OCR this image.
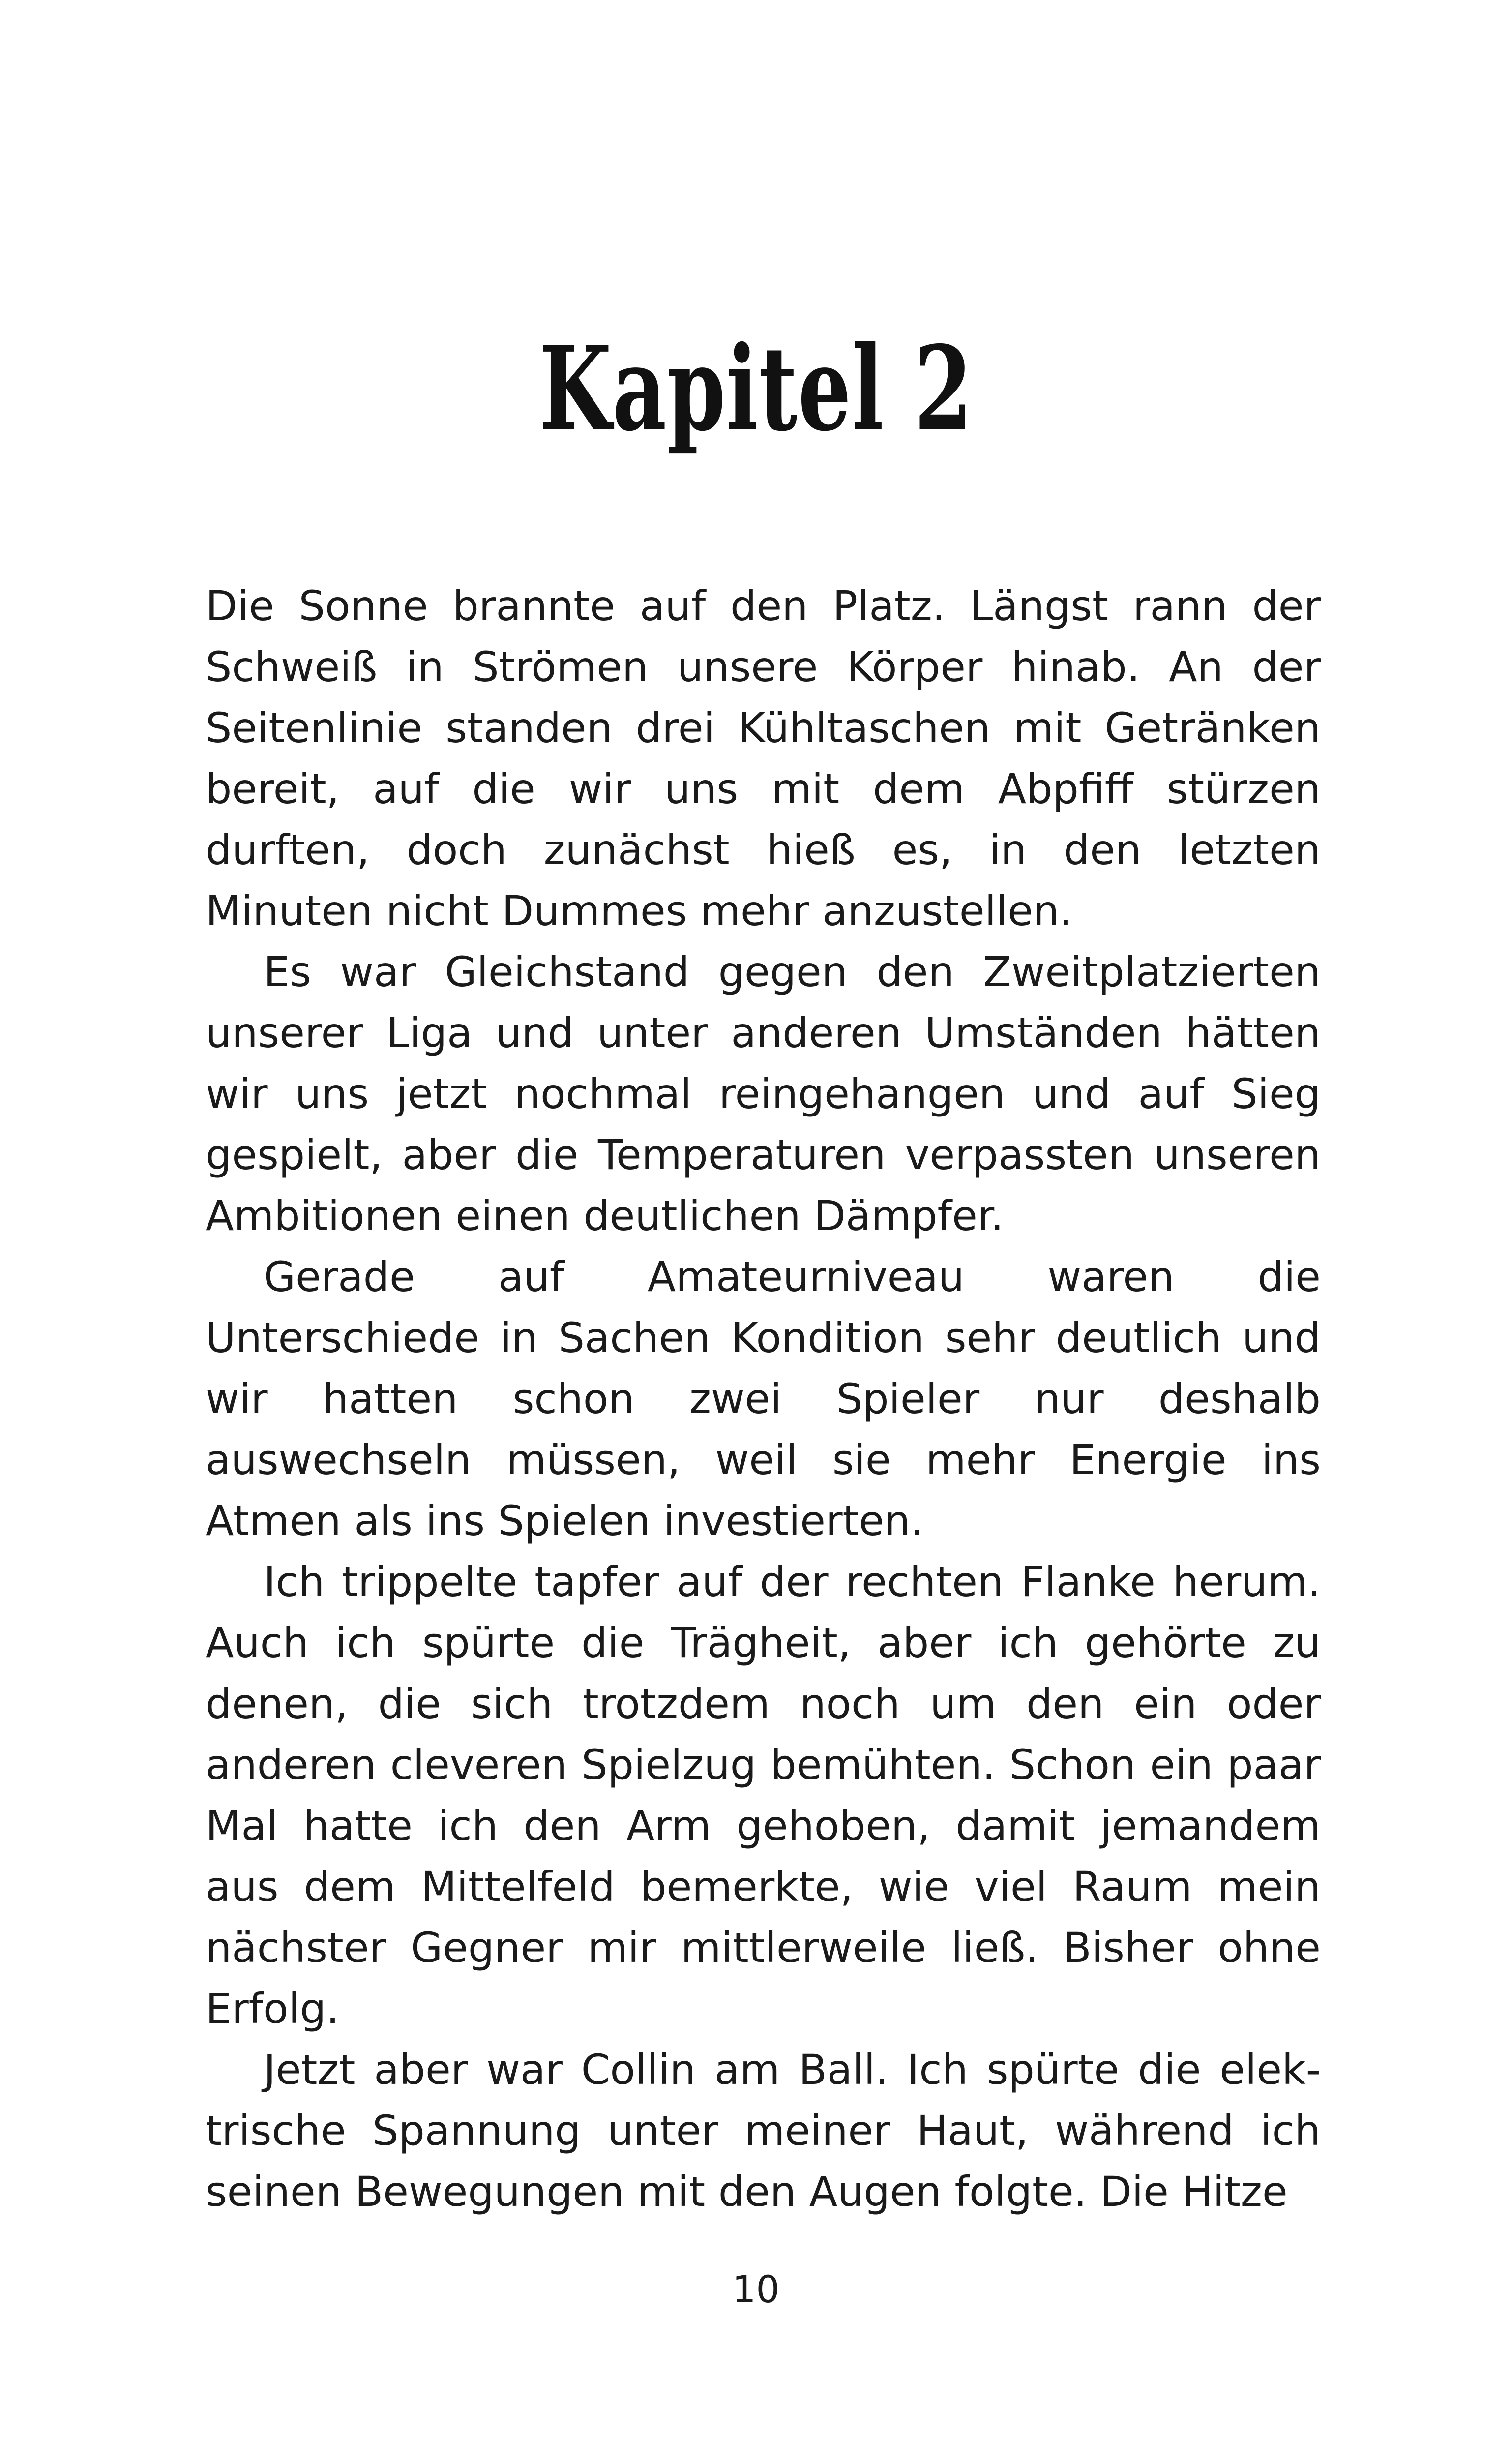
Kapitel 2

Die Sonne brannte auf den Platz. Längst rann der Schweiß in Strömen unsere Körper hinab. An der Seitenlinie standen drei Kühltaschen mit Getränken bereit, auf die wir uns mit dem Abpfiff stürzen durften, doch zunächst hieß es, in den letzten Minuten nicht Dummes mehr anzustellen.

Es war Gleichstand gegen den Zweitplatzierten unserer Liga und unter anderen Umständen hätten wir uns jetzt nochmal reingehangen und auf Sieg gespielt, aber die Temperaturen verpassten unseren Ambitionen einen deutlichen Dämpfer.

Gerade auf Amateurniveau waren die Unterschiede in Sachen Kondition sehr deutlich und wir hatten schon zwei Spieler nur deshalb auswechseln müssen, weil sie mehr Energie ins Atmen als ins Spielen investierten.

Ich trippelte tapfer auf der rechten Flanke herum. Auch ich spürte die Trägheit, aber ich gehörte zu denen, die sich trotzdem noch um den ein oder anderen cleveren Spielzug bemühten. Schon ein paar Mal hatte ich den Arm gehoben, damit jemandem aus dem Mittelfeld bemerkte, wie viel Raum mein nächster Gegner mir mittlerweile ließ. Bisher ohne Erfolg.

Jetzt aber war Collin am Ball. Ich spürte die elektrische Spannung unter meiner Haut, während ich seinen Bewegungen mit den Augen folgte. Die Hitze

10
